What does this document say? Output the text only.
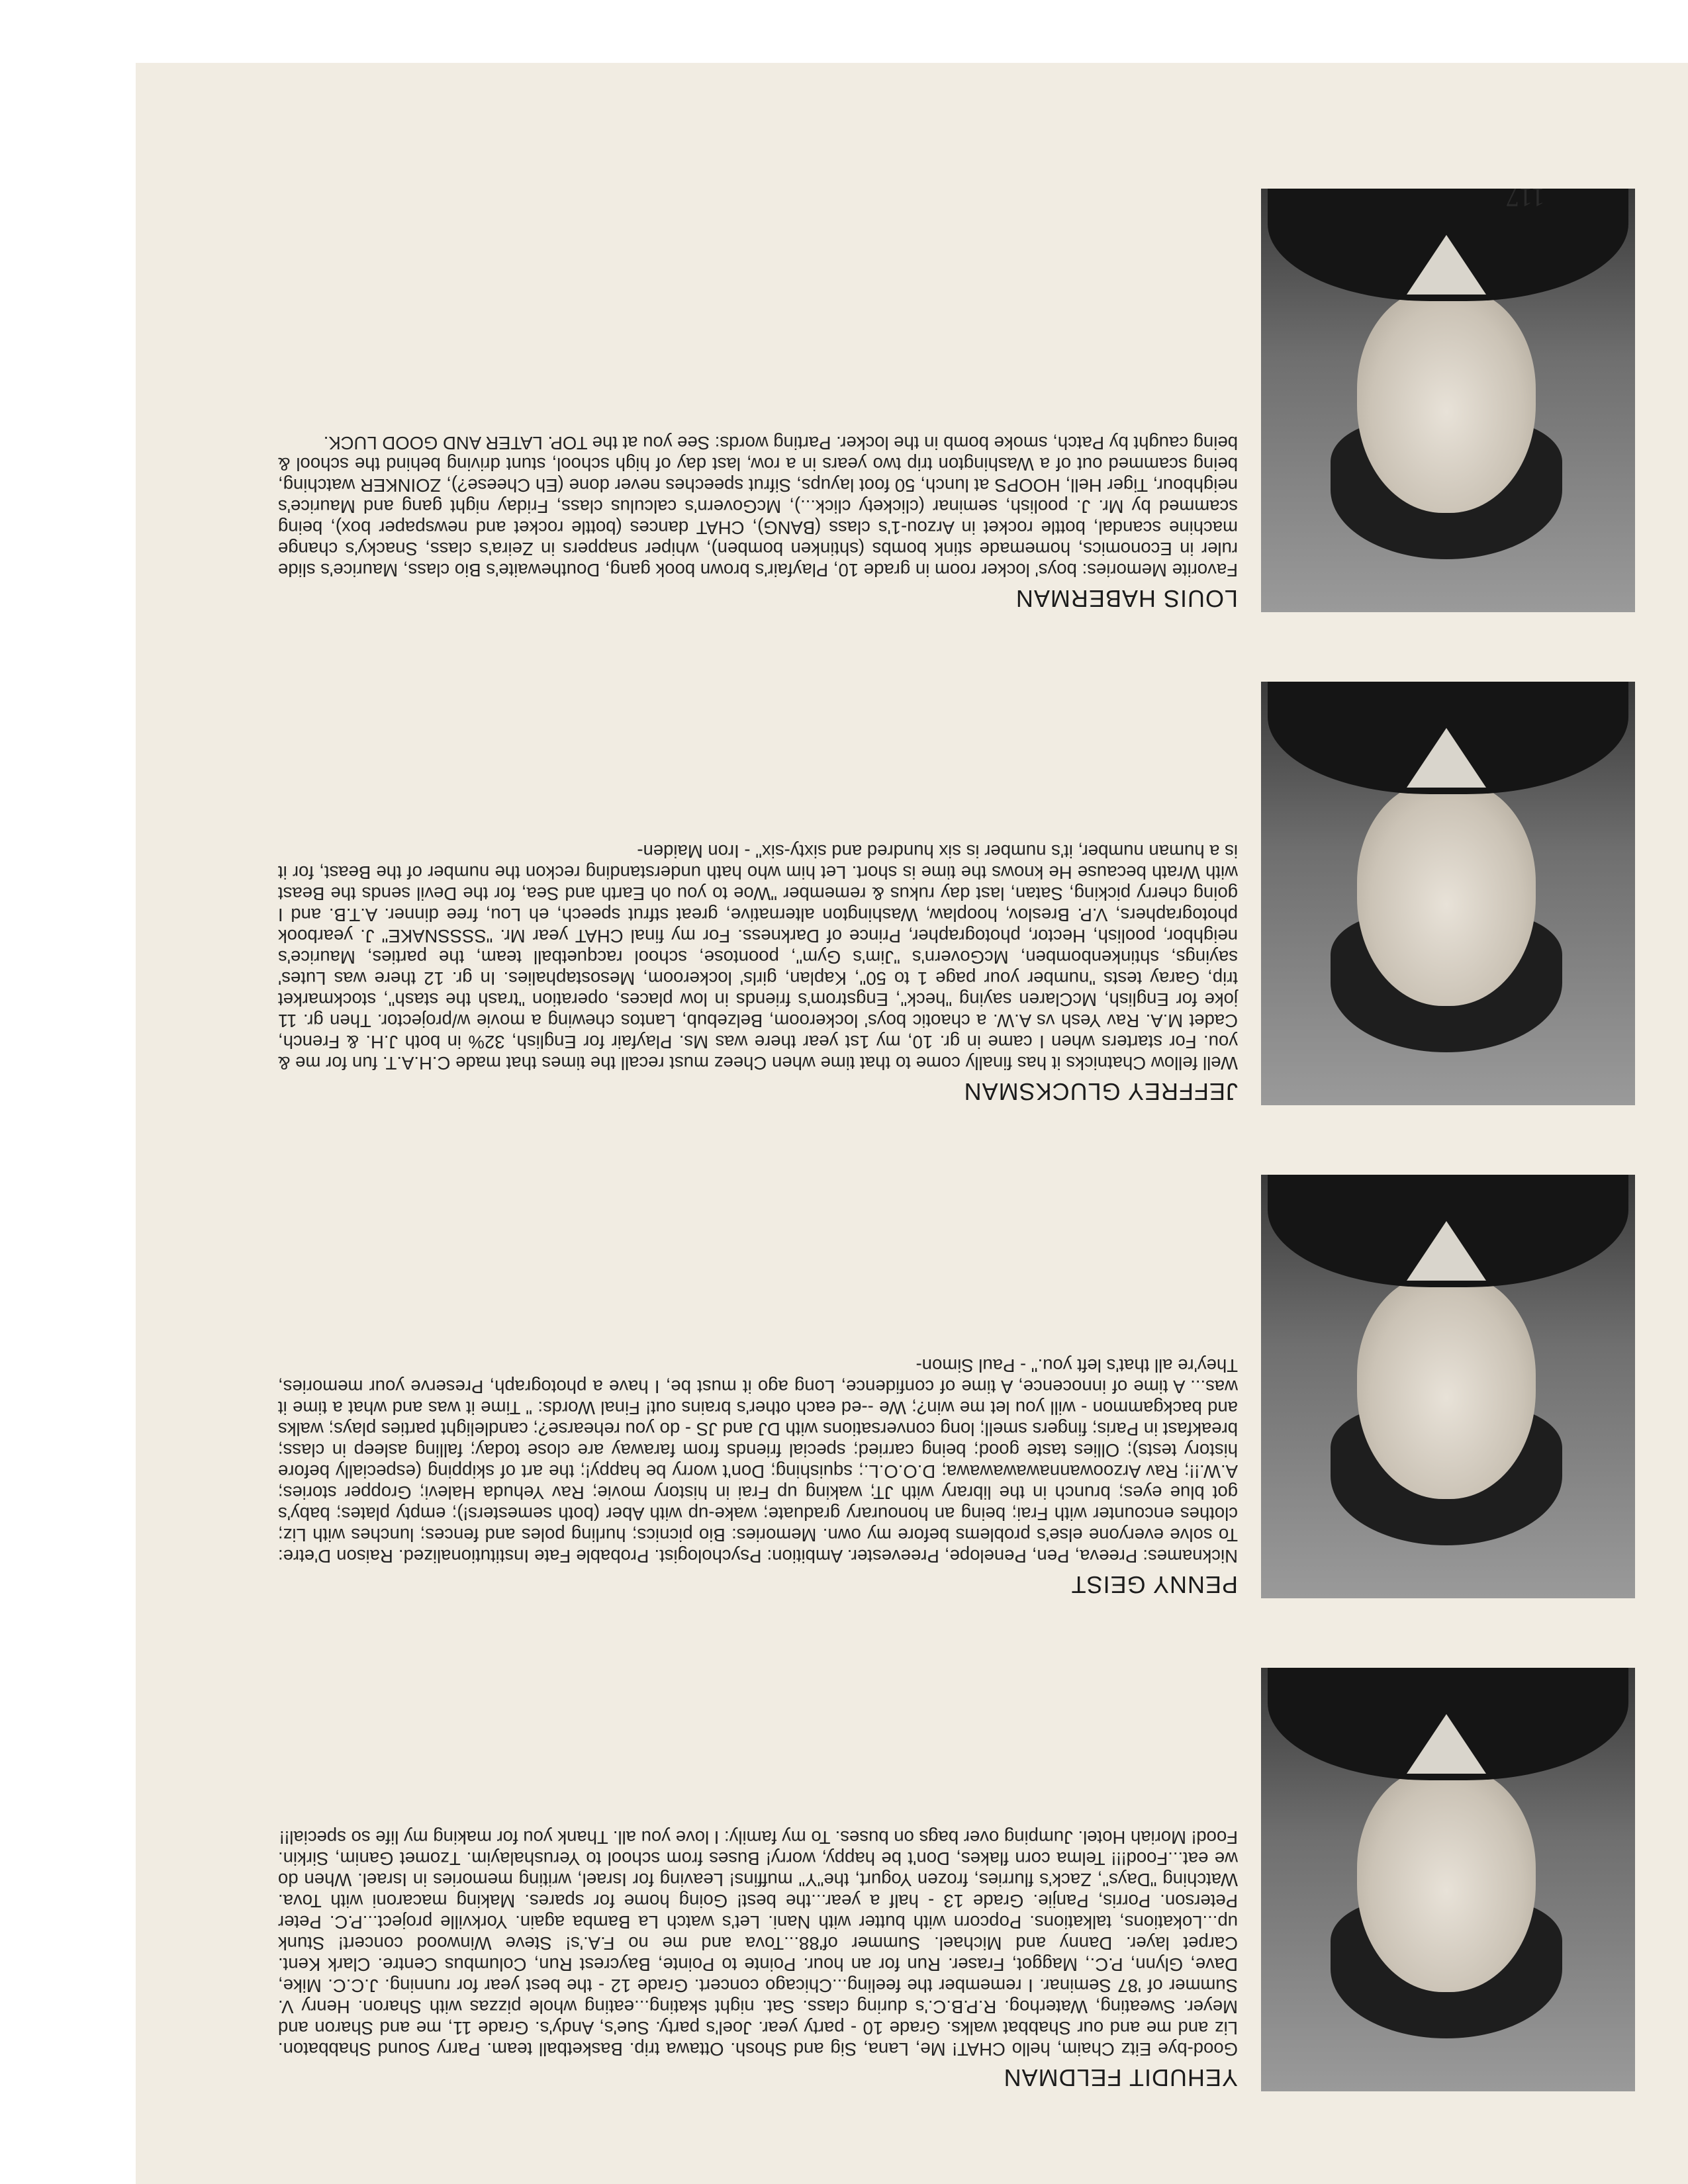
YEHUDIT FELDMAN

Good-bye Eitz Chaim, hello CHAT! Me, Lana, Sig and Shosh. Ottawa trip. Basketball team. Parry Sound Shabbaton. Liz and me and our Shabbat walks. Grade 10 - party year. Joel's party. Sue's, Andy's. Grade 11, me and Sharon and Meyer. Sweating, Waterhog. R.P.B.C.'s during class. Sat. night skating...eating whole pizzas with Sharon. Henry V. Summer of '87 Seminar. I remember the feeling...Chicago concert. Grade 12 - the best year for running. J.C.C. Mike, Dave, Glynn, P.C., Maggot, Fraser. Run for an hour. Pointe to Pointe, Baycrest Run, Columbus Centre. Clark Kent. Carpet layer. Danny and Michael. Summer of'88...Tova and me no F.A.'s! Steve Winwood concert! Stunk up...Lokations, talkations. Popcorn with butter with Nani. Let's watch La Bamba again. Yorkville project...P.C. Peter Peterson. Porris, Panjie. Grade 13 - half a year...the best! Going home for spares. Making macaroni with Tova. Watching "Days", Zack's flurries, frozen Yogurt, the"Y" muffins! Leaving for Israel, writing memories in Israel. When do we eat...Food!!! Telma corn flakes, Don't be happy, worry! Buses from school to Yerushalayim. Tzomet Ganim, Sirkin. Food! Moriah Hotel. Jumping over bags on buses. To my family: I love you all. Thank you for making my life so special!!

PENNY GEIST

Nicknames: Preeva, Pen, Penelope, Preevester. Ambition: Psychologist. Probable Fate Institutionalized. Raison D'etre: To solve everyone else's problems before my own. Memories: Bio picnics; hurling poles and fences; lunches with Liz; clothes encounter with Frai; being an honourary graduate; wake-up with Aber (both semesters!); empty plates; baby's got blue eyes; brunch in the library with JT; waking up Frai in history movie; Rav Yehuda Halevi; Gropper stories; A.W.!!; Rav Arzoowannawawawawa; D.O.O.L.; squishing; Don't worry be happy!; the art of skipping (especially before history tests); Ollies taste good; being carried; special friends from faraway are close today; falling asleep in class; breakfast in Paris; fingers smell; long conversations with DJ and JS - do you rehearse?; candlelight parties plays; walks and backgammon - will you let me win?; We --ed each other's brains out! Final Words: " Time it was and what a time it was... A time of innocence, A time of confidence, Long ago it must be, I have a photograph, Preserve your memories, They're all that's left you." - Paul Simon-

JEFFREY GLUCKSMAN

Well fellow Chatnicks it has finally come to that time when Cheez must recall the times that made C.H.A.T. fun for me & you. For starters when I came in gr. 10, my 1st year there was Ms. Playfair for English, 32% in both J.H. & French, Cadet M.A. Rav Yesh vs A.W. a chaotic boys' lockeroom, Belzebub, Lantos chewing a movie w/projector. Then gr. 11 joke for English, McClaren saying "heck", Engstrom's friends in low places, operation "trash the stash", stockmarket trip, Garay tests "number your page 1 to 50", Kaplan, girls' lockeroom, Mesostaphalies. In gr. 12 there was Lutes' sayings, shtinkenbomben, McGovern's "Jim's Gym", poontose, school racquetball team, the parties, Maurice's neighbor, poolish, Hector, photographer, Prince of Darkness. For my final CHAT year Mr. "SSSSNAKE" J. yearbook photographers, V.P. Breslov, hooplaw, Washington alternative, great stfrut speech, eh Lou, free dinner. A.T.B. and I going cherry picking, Satan, last day rukus & remember "Woe to you oh Earth and Sea, for the Devil sends the Beast with Wrath because He knows the time is short. Let him who hath understanding reckon the number of the Beast, for it is a human number, it's number is six hundred and sixty-six" - Iron Maiden-

LOUIS HABERMAN

Favorite Memories: boys' locker room in grade 10, Playfair's brown book gang, Douthewaite's Bio class, Maurice's slide ruler in Economics, homemade stink bombs (shtinken bomben), whiper snappers in Zeira's class, Snacky's change machine scandal, bottle rocket in Arzou-1's class (BANG), CHAT dances (bottle rocket and newspaper box), being scammed by Mr. J. poolish, seminar (clickety click...), McGovern's calculus class, Friday night gang and Maurice's neighbour, Tiger Hell, HOOPS at lunch, 50 foot layups, Sifrut speeches never done (Eh Cheese?), ZOINKER watching, being scammed out of a Washington trip two years in a row, last day of high school, stunt driving behind the school & being caught by Patch, smoke bomb in the locker. Parting words: See you at the TOP. LATER AND GOOD LUCK.

117
